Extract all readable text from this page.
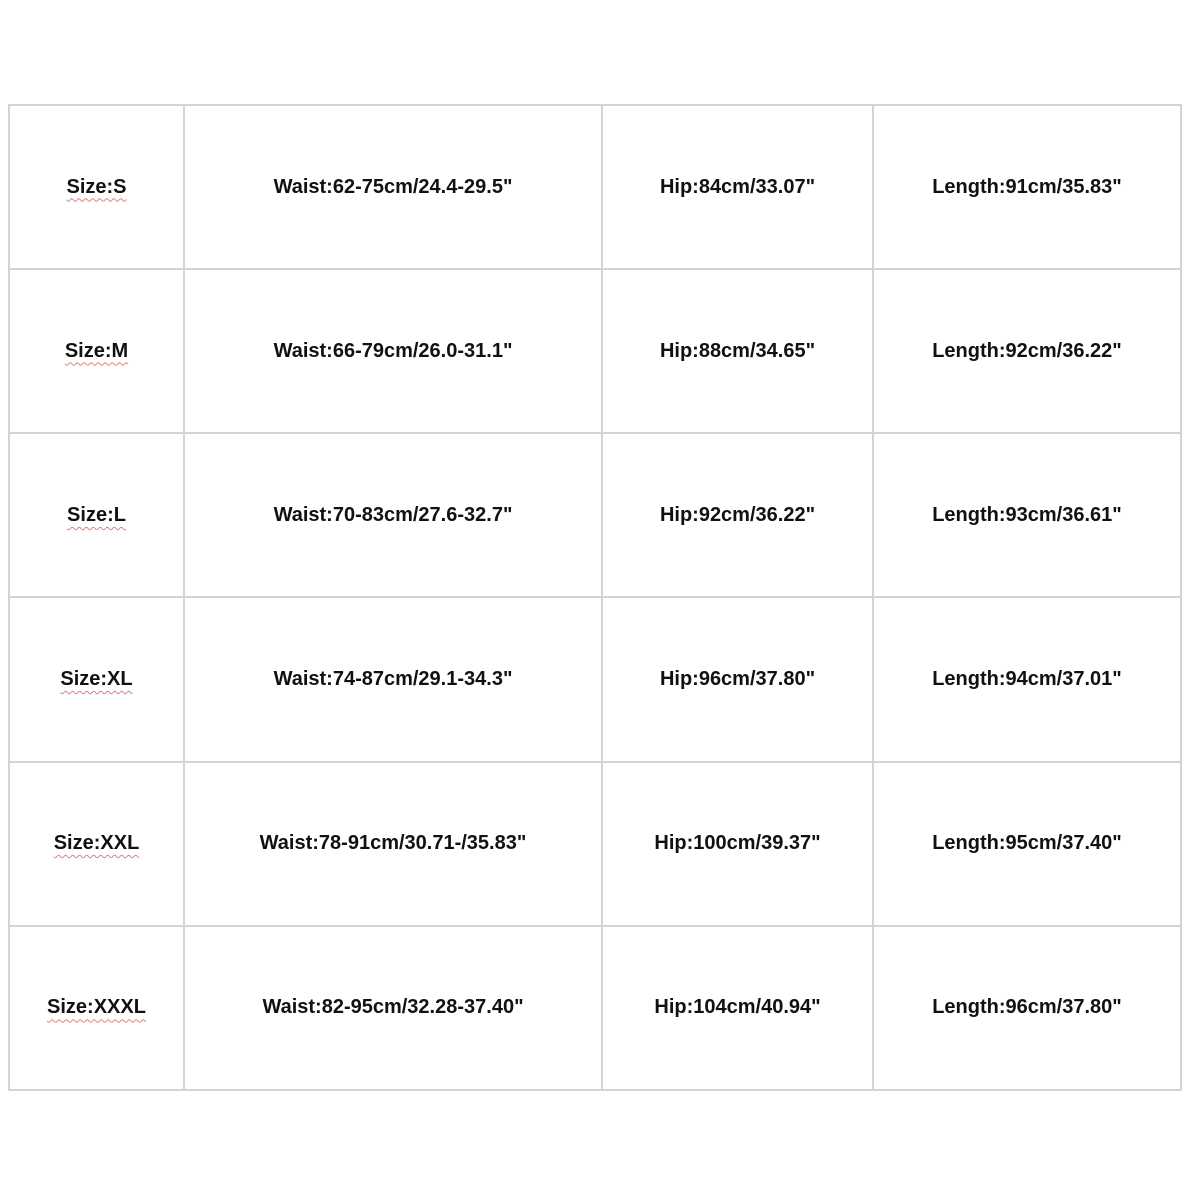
Size:S	Waist:62-75cm/24.4-29.5"	Hip:84cm/33.07"	Length:91cm/35.83"
Size:M	Waist:66-79cm/26.0-31.1"	Hip:88cm/34.65"	Length:92cm/36.22"
Size:L	Waist:70-83cm/27.6-32.7"	Hip:92cm/36.22"	Length:93cm/36.61"
Size:XL	Waist:74-87cm/29.1-34.3"	Hip:96cm/37.80"	Length:94cm/37.01"
Size:XXL	Waist:78-91cm/30.71-/35.83"	Hip:100cm/39.37"	Length:95cm/37.40"
Size:XXXL	Waist:82-95cm/32.28-37.40"	Hip:104cm/40.94"	Length:96cm/37.80"
